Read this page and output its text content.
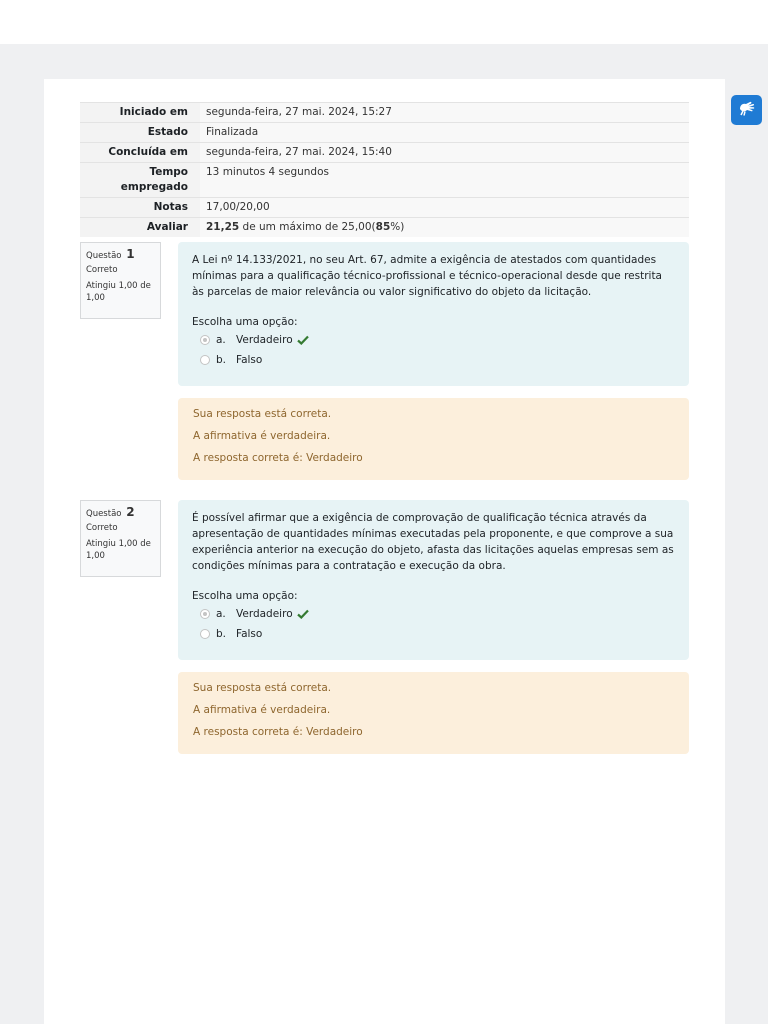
Iniciado em	segunda-feira, 27 mai. 2024, 15:27
Estado	Finalizada
Concluída em	segunda-feira, 27 mai. 2024, 15:40
Tempo empregado	13 minutos 4 segundos
Notas	17,00/20,00
Avaliar	21,25 de um máximo de 25,00(85%)
Questão 1
Correto
Atingiu 1,00 de 1,00
A Lei nº 14.133/2021, no seu Art. 67, admite a exigência de atestados com quantidades mínimas para a qualificação técnico-profissional e técnico-operacional desde que restrita às parcelas de maior relevância ou valor significativo do objeto da licitação.
Escolha uma opção:
a. Verdadeiro
b. Falso
Sua resposta está correta.
A afirmativa é verdadeira.
A resposta correta é: Verdadeiro
Questão 2
Correto
Atingiu 1,00 de 1,00
É possível afirmar que a exigência de comprovação de qualificação técnica através da apresentação de quantidades mínimas executadas pela proponente, e que comprove a sua experiência anterior na execução do objeto, afasta das licitações aquelas empresas sem as condições mínimas para a contratação e execução da obra.
Escolha uma opção:
a. Verdadeiro
b. Falso
Sua resposta está correta.
A afirmativa é verdadeira.
A resposta correta é: Verdadeiro
